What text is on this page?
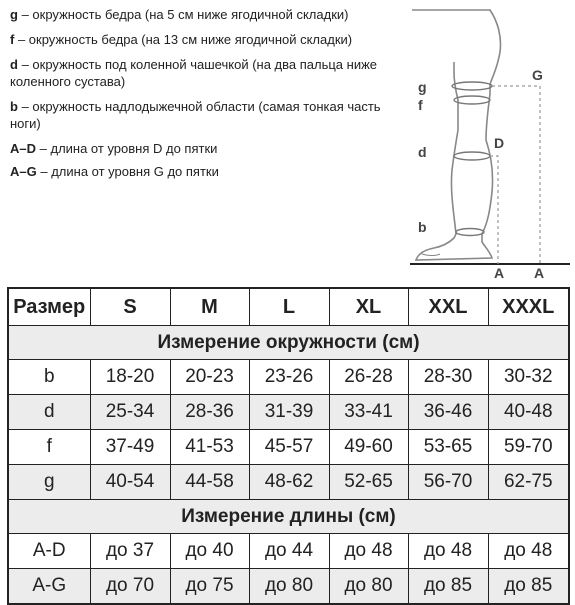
g – окружность бедра (на 5 см ниже ягодичной складки)
f – окружность бедра (на 13 см ниже ягодичной складки)
d – окружность под коленной чашечкой (на два пальца ниже коленного сустава)
b – окружность надлодыжечной области (самая тонкая часть ноги)
A–D – длина от уровня D до пятки
A–G – длина от уровня G до пятки
g
f
d
b
G
D
A A
Размер	S	M	L	XL	XXL	XXXL
Измерение окружности (см)						
b	18-20	20-23	23-26	26-28	28-30	30-32
d	25-34	28-36	31-39	33-41	36-46	40-48
f	37-49	41-53	45-57	49-60	53-65	59-70
g	40-54	44-58	48-62	52-65	56-70	62-75
Измерение длины (см)						
A-D	до 37	до 40	до 44	до 48	до 48	до 48
A-G	до 70	до 75	до 80	до 80	до 85	до 85
